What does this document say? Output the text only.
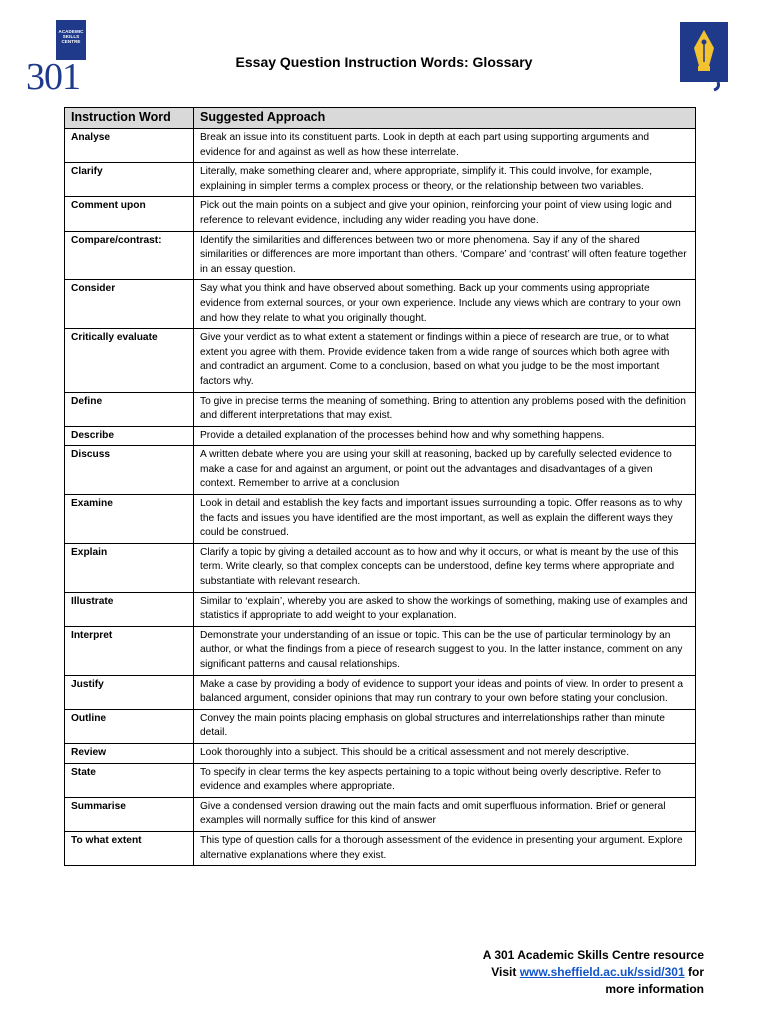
ACADEMIC SKILLS CENTRE
301	Essay Question Instruction Words: Glossary
Instruction Word	Suggested Approach
Analyse	Break an issue into its constituent parts. Look in depth at each part using supporting arguments and evidence for and against as well as how these interrelate.
Clarify	Literally, make something clearer and, where appropriate, simplify it. This could involve, for example, explaining in simpler terms a complex process or theory, or the relationship between two variables.
Comment upon	Pick out the main points on a subject and give your opinion, reinforcing your point of view using logic and reference to relevant evidence, including any wider reading you have done.
Compare/contrast:	Identify the similarities and differences between two or more phenomena. Say if any of the shared similarities or differences are more important than others. ‘Compare’ and ‘contrast’ will often feature together in an essay question.
Consider	Say what you think and have observed about something. Back up your comments using appropriate evidence from external sources, or your own experience. Include any views which are contrary to your own and how they relate to what you originally thought.
Critically evaluate	Give your verdict as to what extent a statement or findings within a piece of research are true, or to what extent you agree with them. Provide evidence taken from a wide range of sources which both agree with and contradict an argument. Come to a conclusion, based on what you judge to be the most important factors why.
Define	To give in precise terms the meaning of something. Bring to attention any problems posed with the definition and different interpretations that may exist.
Describe	Provide a detailed explanation of the processes behind how and why something happens.
Discuss	A written debate where you are using your skill at reasoning, backed up by carefully selected evidence to make a case for and against an argument, or point out the advantages and disadvantages of a given context. Remember to arrive at a conclusion
Examine	Look in detail and establish the key facts and important issues surrounding a topic. Offer reasons as to why the facts and issues you have identified are the most important, as well as explain the different ways they could be construed.
Explain	Clarify a topic by giving a detailed account as to how and why it occurs, or what is meant by the use of this term. Write clearly, so that complex concepts can be understood, define key terms where appropriate and substantiate with relevant research.
Illustrate	Similar to ‘explain’, whereby you are asked to show the workings of something, making use of examples and statistics if appropriate to add weight to your explanation.
Interpret	Demonstrate your understanding of an issue or topic. This can be the use of particular terminology by an author, or what the findings from a piece of research suggest to you. In the latter instance, comment on any significant patterns and causal relationships.
Justify	Make a case by providing a body of evidence to support your ideas and points of view. In order to present a balanced argument, consider opinions that may run contrary to your own before stating your conclusion.
Outline	Convey the main points placing emphasis on global structures and interrelationships rather than minute detail.
Review	Look thoroughly into a subject. This should be a critical assessment and not merely descriptive.
State	To specify in clear terms the key aspects pertaining to a topic without being overly descriptive. Refer to evidence and examples where appropriate.
Summarise	Give a condensed version drawing out the main facts and omit superfluous information. Brief or general examples will normally suffice for this kind of answer
To what extent	This type of question calls for a thorough assessment of the evidence in presenting your argument. Explore alternative explanations where they exist.
A 301 Academic Skills Centre resource
Visit www.sheffield.ac.uk/ssid/301 for
more information
